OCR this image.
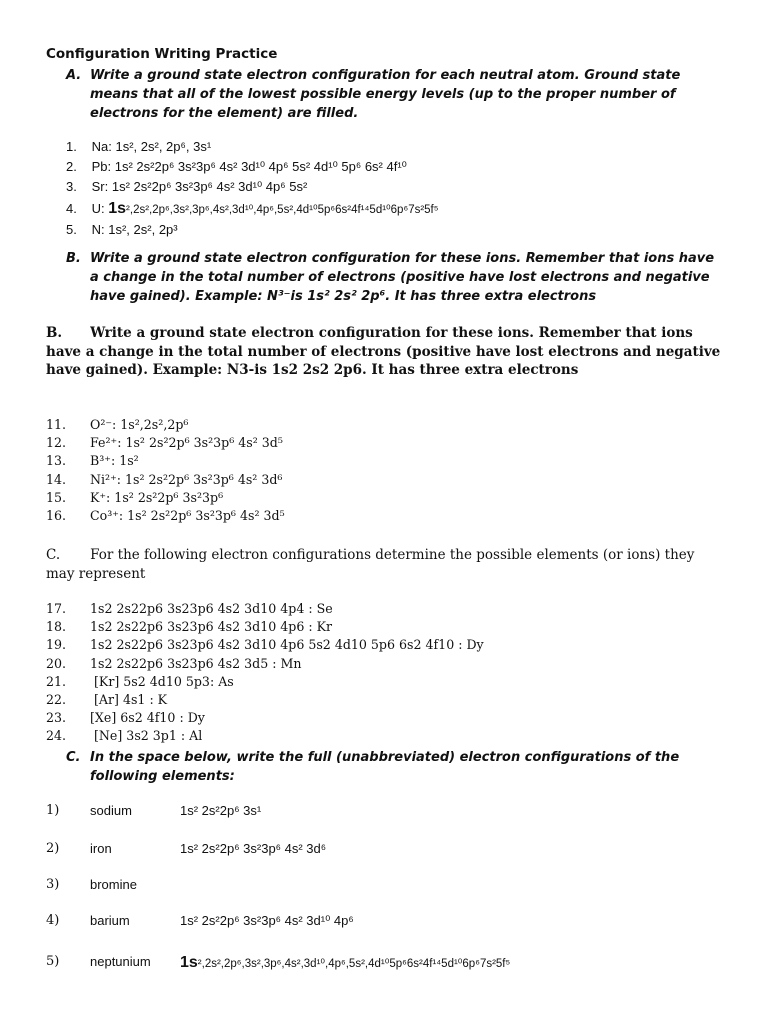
Configuration Writing Practice
A. Write a ground state electron configuration for each neutral atom. Ground state means that all of the lowest possible energy levels (up to the proper number of electrons for the element) are filled.
1. Na: 1s², 2s², 2p⁶, 3s¹
2. Pb: 1s² 2s²2p⁶ 3s²3p⁶ 4s² 3d¹⁰ 4p⁶ 5s² 4d¹⁰ 5p⁶ 6s² 4f¹⁰
3. Sr: 1s² 2s²2p⁶ 3s²3p⁶ 4s² 3d¹⁰ 4p⁶ 5s²
4. U: 1s²,2s²,2p⁶,3s²,3p⁶,4s²,3d¹⁰,4p⁶,5s²,4d¹⁰5p⁶6s²4f¹⁴5d¹⁰6p⁶7s²5f⁵
5. N: 1s², 2s², 2p³
B. Write a ground state electron configuration for these ions. Remember that ions have a change in the total number of electrons (positive have lost electrons and negative have gained). Example: N³⁻is 1s² 2s² 2p⁶. It has three extra electrons
B. Write a ground state electron configuration for these ions. Remember that ions have a change in the total number of electrons (positive have lost electrons and negative have gained). Example: N3-is 1s2 2s2 2p6. It has three extra electrons
11. O²⁻: 1s²,2s²,2p⁶
12. Fe²⁺: 1s² 2s²2p⁶ 3s²3p⁶ 4s² 3d⁵
13. B³⁺: 1s²
14. Ni²⁺: 1s² 2s²2p⁶ 3s²3p⁶ 4s² 3d⁶
15. K⁺: 1s² 2s²2p⁶ 3s²3p⁶
16. Co³⁺: 1s² 2s²2p⁶ 3s²3p⁶ 4s² 3d⁵
C. For the following electron configurations determine the possible elements (or ions) they may represent
17. 1s2 2s22p6 3s23p6 4s2 3d10 4p4 : Se
18. 1s2 2s22p6 3s23p6 4s2 3d10 4p6 : Kr
19. 1s2 2s22p6 3s23p6 4s2 3d10 4p6 5s2 4d10 5p6 6s2 4f10 : Dy
20. 1s2 2s22p6 3s23p6 4s2 3d5 : Mn
21. [Kr] 5s2 4d10 5p3: As
22. [Ar] 4s1 : K
23. [Xe] 6s2 4f10 : Dy
24. [Ne] 3s2 3p1 : Al
C. In the space below, write the full (unabbreviated) electron configurations of the following elements:
1) sodium	1s² 2s²2p⁶ 3s¹
2) iron	1s² 2s²2p⁶ 3s²3p⁶ 4s² 3d⁶
3) bromine
4) barium	1s² 2s²2p⁶ 3s²3p⁶ 4s² 3d¹⁰ 4p⁶
5) neptunium 1s²,2s²,2p⁶,3s²,3p⁶,4s²,3d¹⁰,4p⁶,5s²,4d¹⁰5p⁶6s²4f¹⁴5d¹⁰6p⁶7s²5f⁵
